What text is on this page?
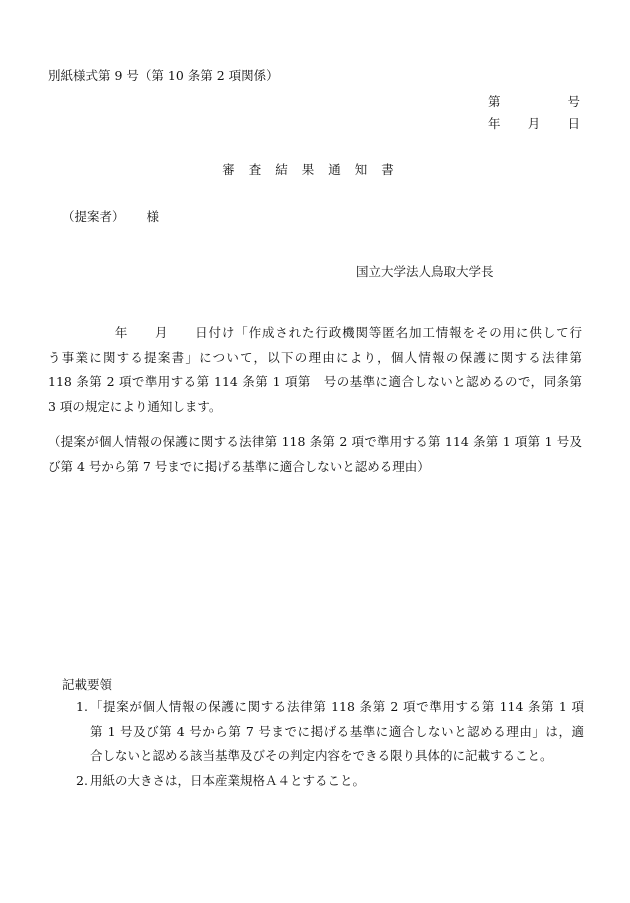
別紙様式第 9 号（第 10 条第 2 項関係）
第	号
年 月 日
審査結果通知書
（提案者） 様
国立大学法人鳥取大学長
　　　　　年　　月　　日付け「作成された行政機関等匿名加工情報をその用に供して行
う事業に関する提案書」について，以下の理由により，個人情報の保護に関する法律第
118 条第 2 項で準用する第 114 条第 1 項第　号の基準に適合しないと認めるので，同条第
3 項の規定により通知します。
（提案が個人情報の保護に関する法律第 118 条第 2 項で準用する第 114 条第 1 項第 1 号及
び第 4 号から第 7 号までに掲げる基準に適合しないと認める理由）
記載要領
1. 「提案が個人情報の保護に関する法律第 118 条第 2 項で準用する第 114 条第 1 項
第 1 号及び第 4 号から第 7 号までに掲げる基準に適合しないと認める理由」は，適
合しないと認める該当基準及びその判定内容をできる限り具体的に記載すること。
2. 用紙の大きさは，日本産業規格Ａ４とすること。
